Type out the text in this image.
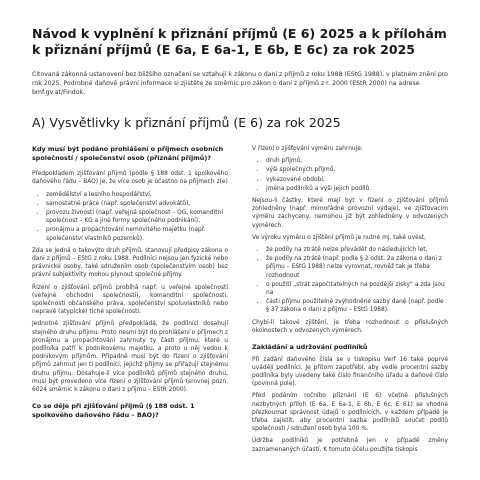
Návod k vyplnění k přiznání příjmů (E 6) 2025 a k přílohám k přiznání příjmů (E 6a, E 6a-1, E 6b, E 6c) za rok 2025

Citovaná zákonná ustanovení bez bližšího označení se vztahují k zákonu o daní z příjmů z roku 1988 (EStG 1988), v platném znění pro rok 2025. Podrobné daňově právní informace si zjistěte ze směrnic pro zákon o daní z příjmů z r. 2000 (EStR 2000) na adrese bmf.gv.at/Findok.

A) Vysvětlivky k přiznání příjmů (E 6) za rok 2025
Kdy musí být podáno prohlášení o příjmech osobních společností / společenství osob (přiznání příjmů)?

Předpokladem zjišťování příjmů (podle § 188 odst. 1 spolkového daňového řádu – BAO) je, že více osob je účastno na příjmech z(e)

• zemědělství a lesního hospodářství,
• samostatné práce (např. společenství advokátů),
• provozu živnosti (např. veřejná společnost – OG, komanditní společnost – KG a jiné formy společného podnikání),
• pronájmu a propachtování nemovitého majetku (např. společenství vlastníků pozemků).

Zda se jedná o takovýto druh příjmů, stanovují předpisy zákona o dani z příjmů – EStG z roku 1988. Podílníci nejsou jen fyzické nebo právnické osoby, také sdružením osob (společenstvím osob) bez právní subjektivity mohou plynout společné příjmy.

Řízení o zjišťování příjmů probíhá např. u veřejné společnosti (veřejné obchodní společnosti), komanditní společnosti, společnosti občanského práva, společenství spoluvlastníků nebo nepravé (atypické) tiché společnosti.

Jednotné zjišťování příjmů předpokládá, že podílníci dosahují stejného druhu příjmu. Proto nesmí být do prohlášení o příjmech z pronájmu a propachtování zahrnuty ty části příjmu, které u podílníka patří k podnikovému majetku, a proto u něj vedou k podnikovým příjmům. Případně musí být do řízení o zjišťování příjmů zahrnut jen ti podílníci, jejichž příjmy se přiřazují stejnému druhu příjmu. Dosahuje-li více podílníků příjmů stejného druhu, musí být provedeno více řízení o zjišťování příjmů (srovnej pozn. 6024 směrnic k zákonu o dani z příjmu – EStR 2000).

Co se děje při zjišťování příjmů (§ 188 odst. 1 spolkového daňového řádu – BAO)?

V řízení o zjišťování výměru zahrnuje:

• druh příjmů,
• výši společných příjmů,
• vykazované obdobi,
• jména podílníků a výši jejich podílů.

Nejsou-li částky, které mají být v řízení o zjišťování příjmů zohledněny (např. mimořádné provozní výdaje), ve zjišťovacím výměru zachyceny, nemohou již být zohledněny v odvozených výměrech.

Ve výroku výměru o zjištění příjmů je nutné mj. také uvést,

• že podíly na ztrátě nelze převádět do následujících let,
• že podíly na ztrátě (např. podle § 2 odst. 2a zákona o dani z příjmu – EStG 1988) nelze vyrovnat, rovněž tak je třeba rozhodnout
• o použití „strát započitatelných na pozdější zisky“ a zda jsou na
• části příjmu použitelné zvýhodněné sazby daně (např. podle § 37 zákona o dani z příjmu – EStG 1988).

Chybí-li takové zjištění, je třeba rozhodnout o příslušných okolnostech v odvozených výměrech.

Zakládání a udržování podílníků

Při zadání daňového čísla se v tiskopisu Verf 16 také poprvé uvádějí podílníci. Je přitom zapotřebí, aby vedle procentní sazby podílníka byly uvedeny také číslo finančního úřadu a daňové číslo (povinná pole).

Před podáním ročního přiznání (E 6) včetně příslušných nezbytných příloh (E 6a, E 6a-1, E 6b, E 6c, E 61) se vhodné přezkoumat správnost údajů o podílnících, v každém případě je třeba zajistit, aby procentní sazba podílníků součet podílů společnosti / sdružení osob byla 100 %.

Údržba podílníků je potřebná jen v případě změny zaznamenaných účastí. K tomuto účelu použijte tiskopis
